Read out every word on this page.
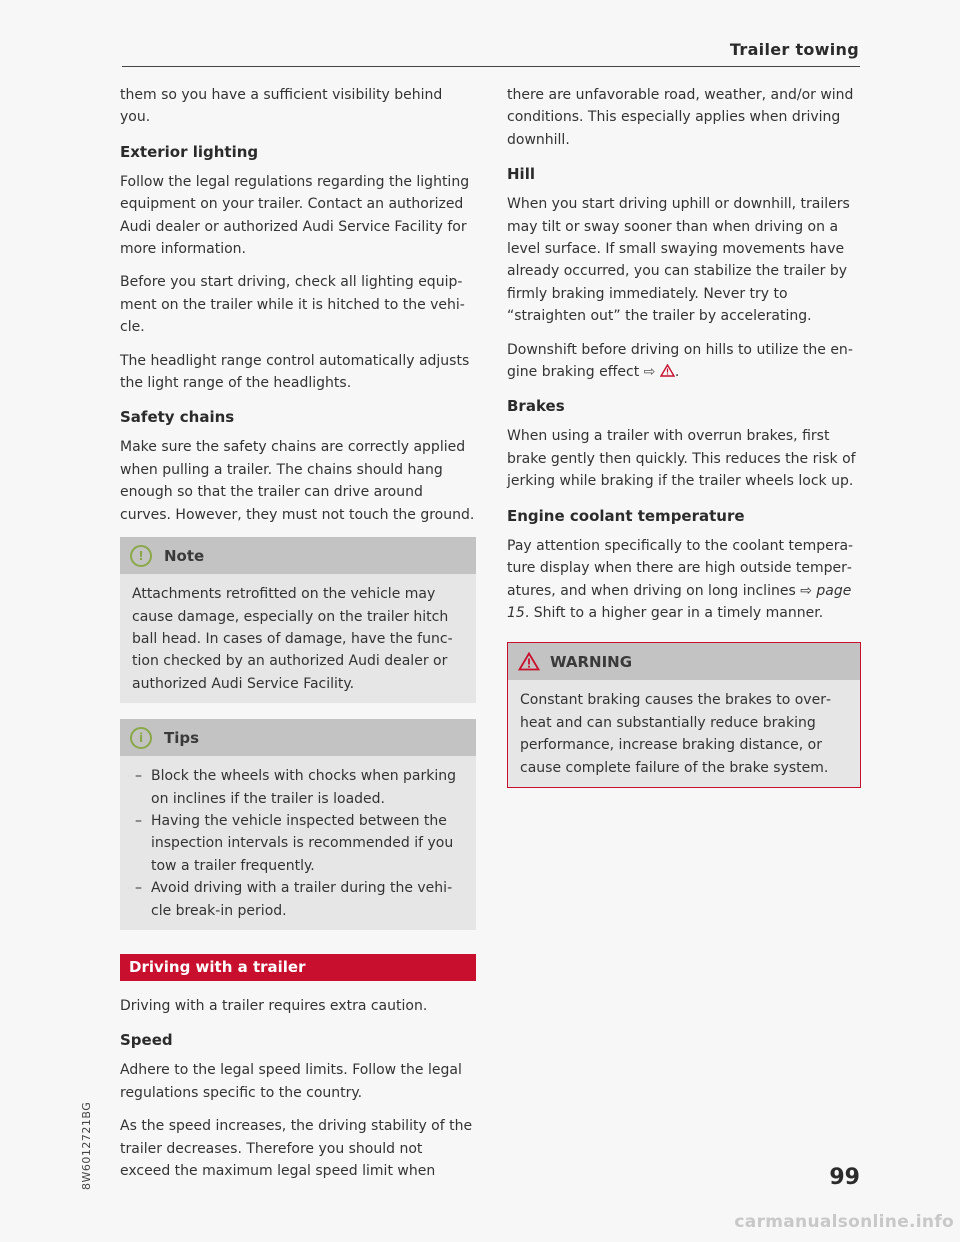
Trailer towing

them so you have a sufficient visibility behind you.

Exterior lighting

Follow the legal regulations regarding the lighting equipment on your trailer. Contact an authorized Audi dealer or authorized Audi Service Facility for more information.

Before you start driving, check all lighting equipment on the trailer while it is hitched to the vehicle.

The headlight range control automatically adjusts the light range of the headlights.

Safety chains

Make sure the safety chains are correctly applied when pulling a trailer. The chains should hang enough so that the trailer can drive around curves. However, they must not touch the ground.

!	Note

Attachments retrofitted on the vehicle may cause damage, especially on the trailer hitch ball head. In cases of damage, have the function checked by an authorized Audi dealer or authorized Audi Service Facility.

i	Tips
– Block the wheels with chocks when parking on inclines if the trailer is loaded.
– Having the vehicle inspected between the inspection intervals is recommended if you tow a trailer frequently.
– Avoid driving with a trailer during the vehicle break-in period.
Driving with a trailer

Driving with a trailer requires extra caution.

Speed

Adhere to the legal speed limits. Follow the legal regulations specific to the country.

As the speed increases, the driving stability of the trailer decreases. Therefore you should not exceed the maximum legal speed limit when

there are unfavorable road, weather, and/or wind conditions. This especially applies when driving downhill.

Hill

When you start driving uphill or downhill, trailers may tilt or sway sooner than when driving on a level surface. If small swaying movements have already occurred, you can stabilize the trailer by firmly braking immediately. Never try to “straighten out” the trailer by accelerating.

Downshift before driving on hills to utilize the engine braking effect ⇨ .

Brakes

When using a trailer with overrun brakes, first brake gently then quickly. This reduces the risk of jerking while braking if the trailer wheels lock up.

Engine coolant temperature

Pay attention specifically to the coolant temperature display when there are high outside temperatures, and when driving on long inclines ⇨ page 15. Shift to a higher gear in a timely manner.

WARNING

Constant braking causes the brakes to overheat and can substantially reduce braking performance, increase braking distance, or cause complete failure of the brake system.

8W6012721BG	99
carmanualsonline.info
